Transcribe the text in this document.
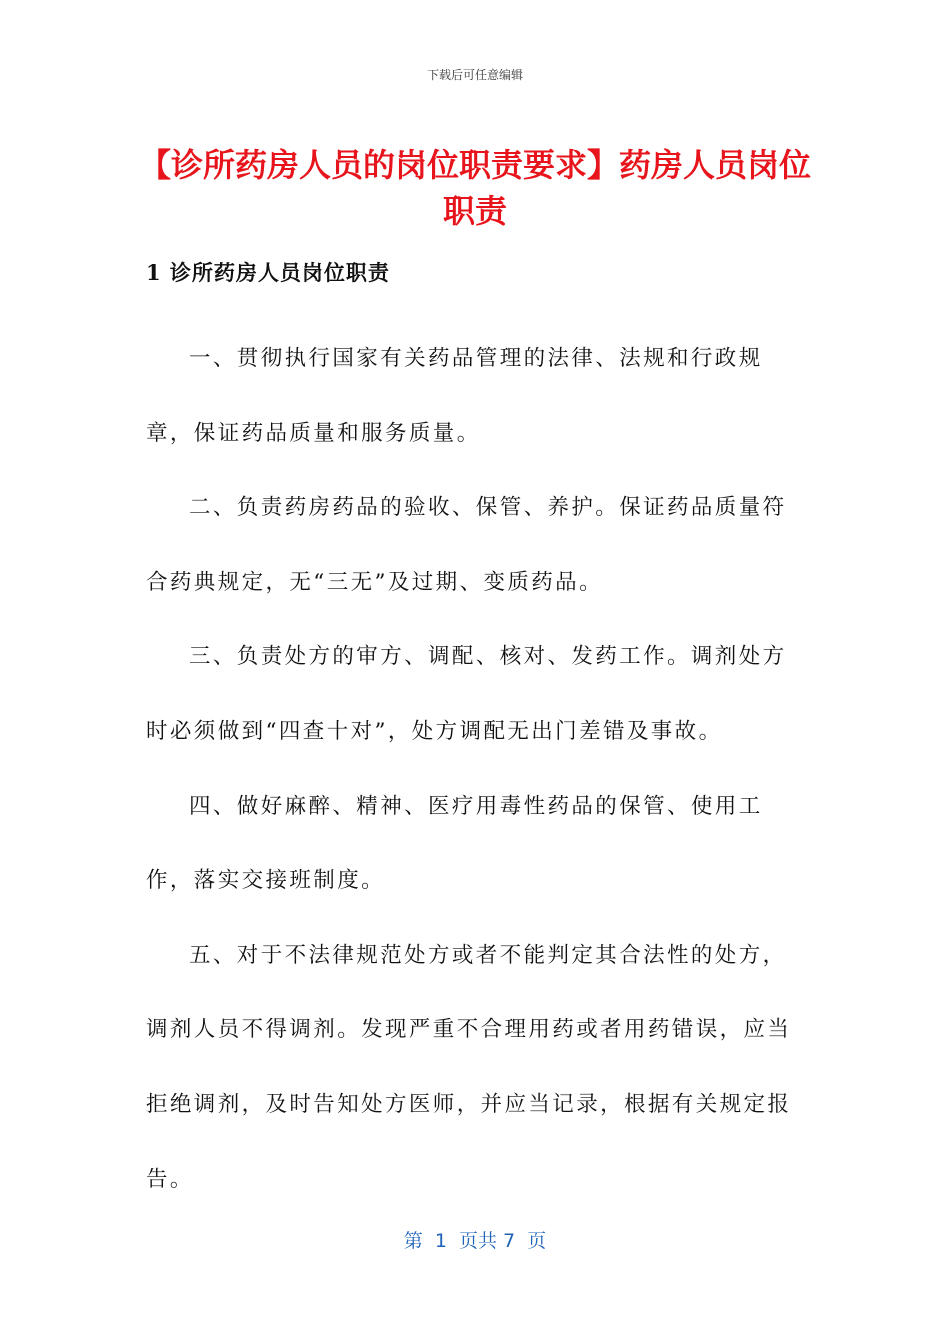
下载后可任意编辑
【诊所药房人员的岗位职责要求】药房人员岗位职责
1 诊所药房人员岗位职责

一、贯彻执行国家有关药品管理的法律、法规和行政规章，保证药品质量和服务质量。

二、负责药房药品的验收、保管、养护。保证药品质量符合药典规定，无“三无”及过期、变质药品。

三、负责处方的审方、调配、核对、发药工作。调剂处方时必须做到“四查十对”，处方调配无出门差错及事故。

四、做好麻醉、精神、医疗用毒性药品的保管、使用工作，落实交接班制度。

五、对于不法律规范处方或者不能判定其合法性的处方，调剂人员不得调剂。发现严重不合理用药或者用药错误，应当拒绝调剂，及时告知处方医师，并应当记录，根据有关规定报告。

第  1  页共 7  页
